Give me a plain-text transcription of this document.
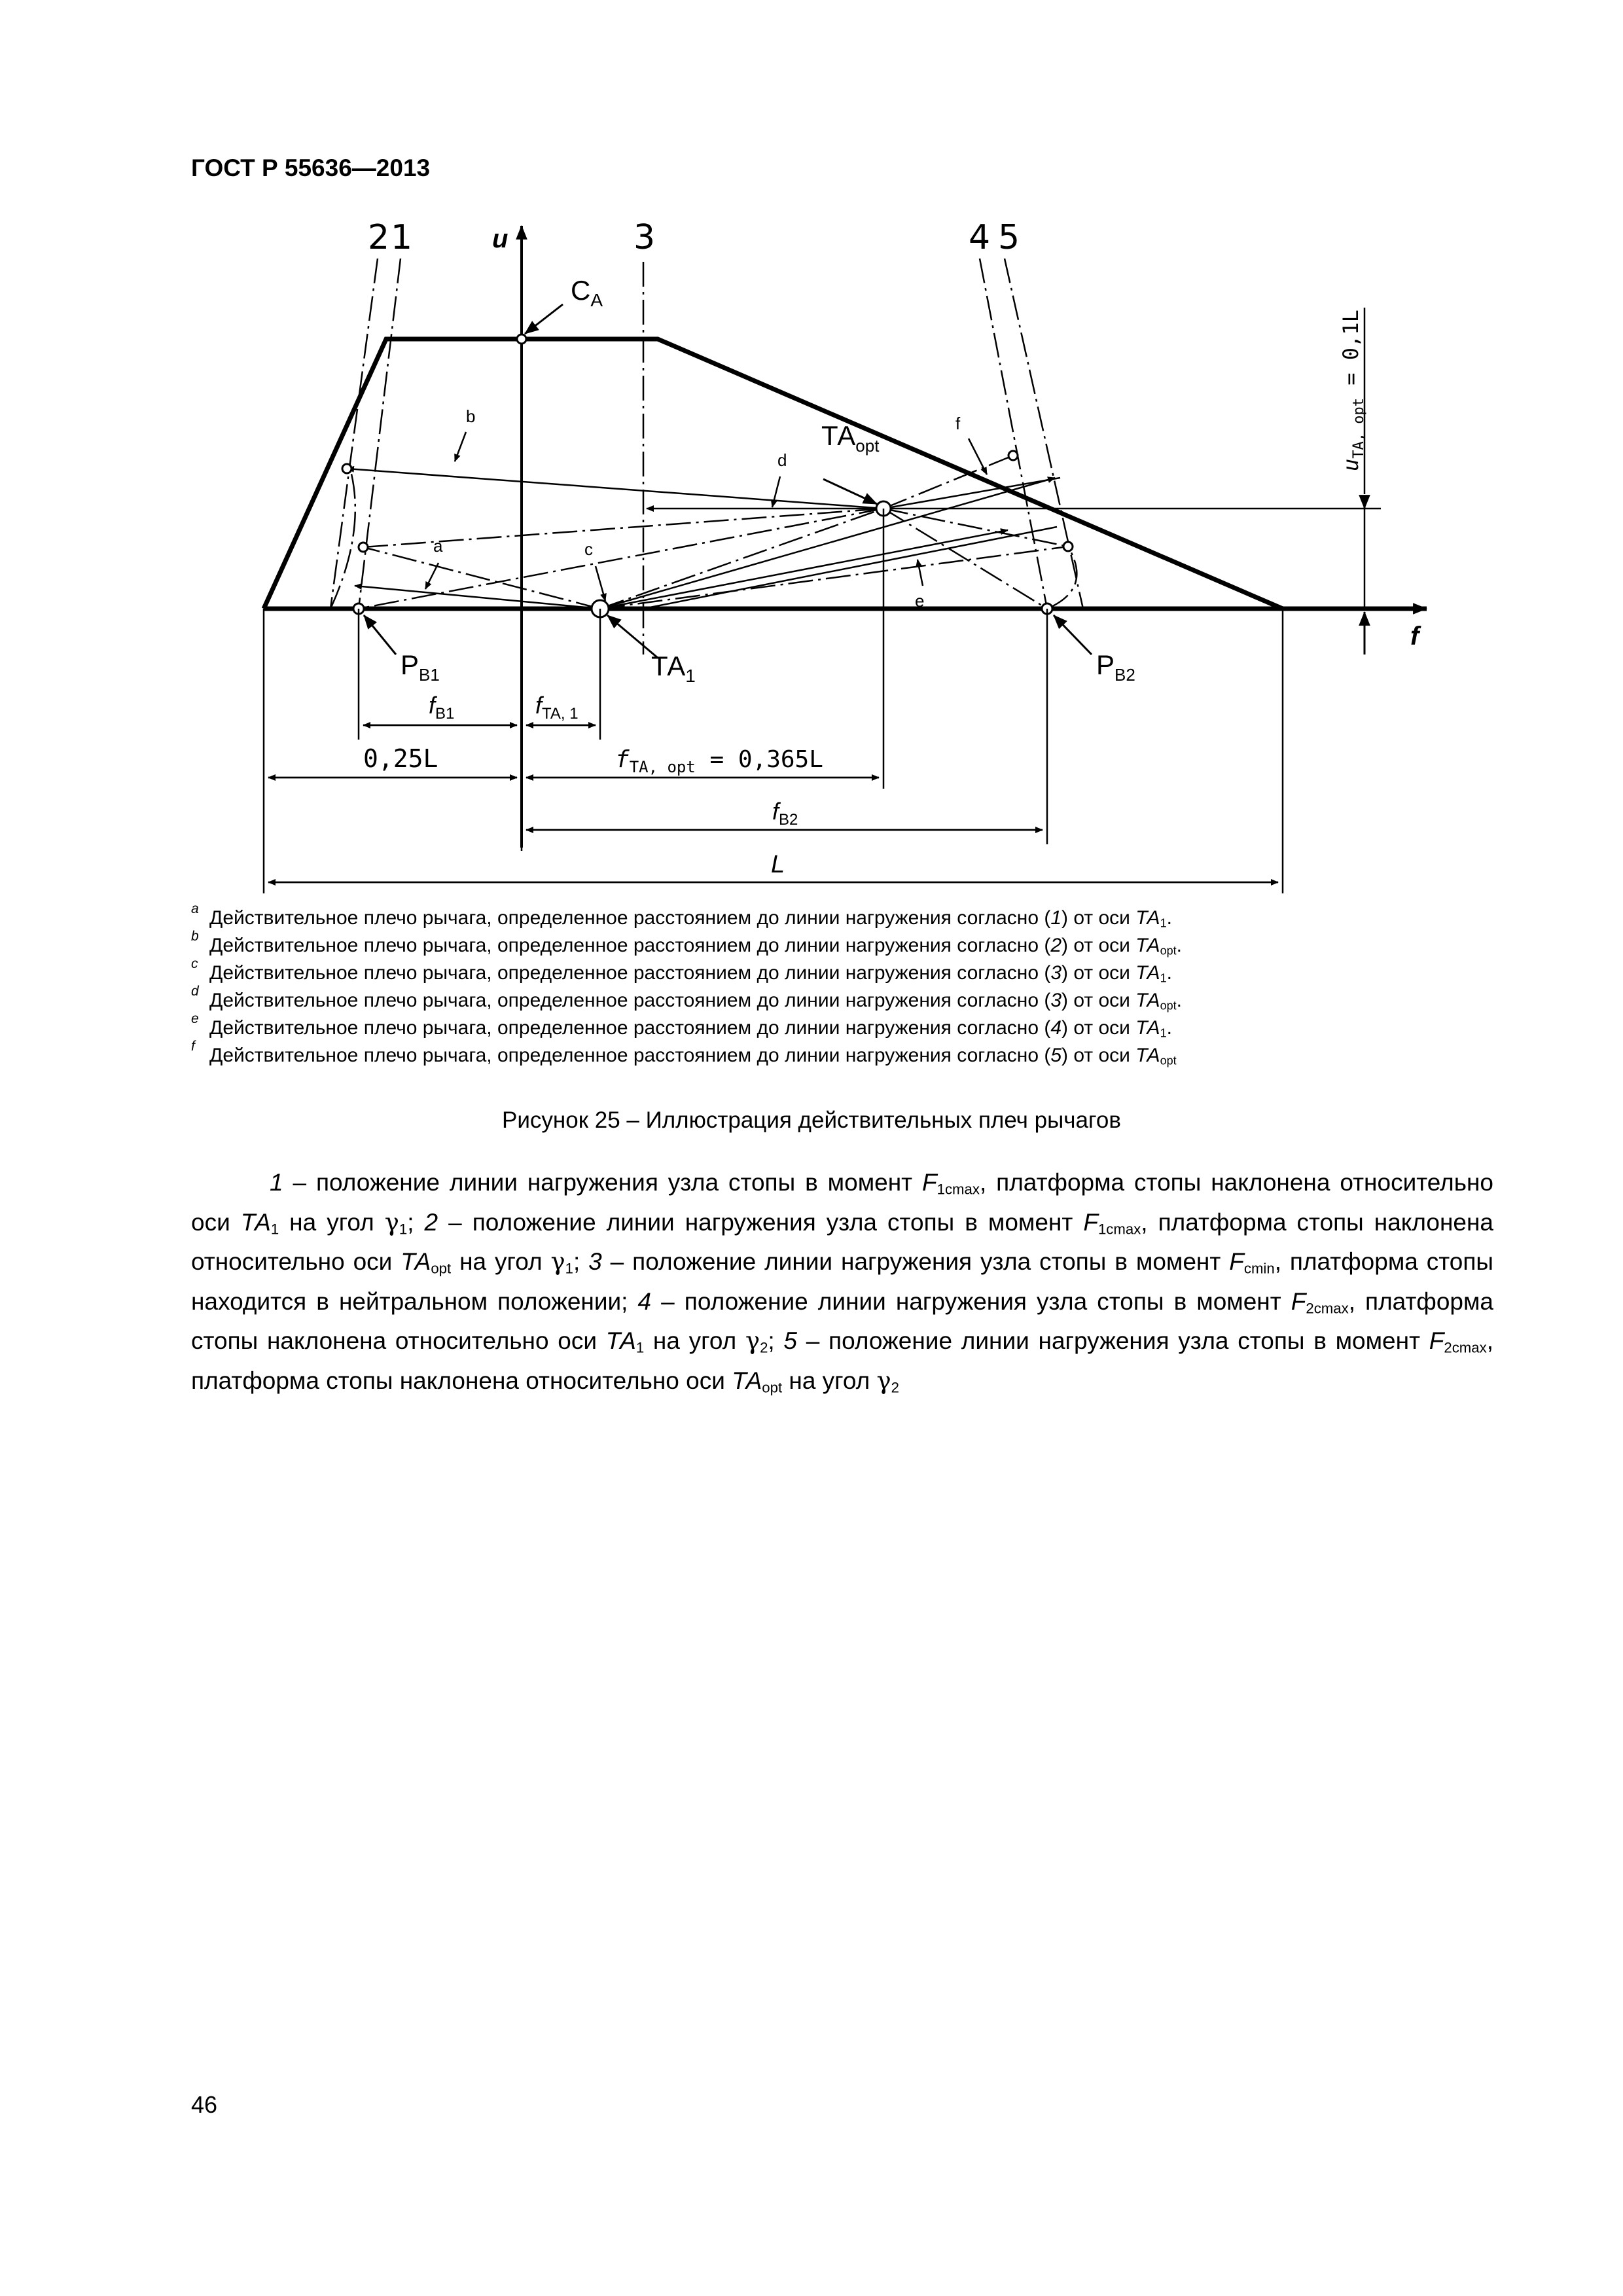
ГОСТ Р 55636—2013
2 1	3	4 5
u
f
$С_А$
$ТА_{opt}$
$ТА_1$
$Р_{В1}$	$Р_{В2}$
b
a	c
d
e
f
$f_{B1}$	$f_{TA, 1}$
0,25L	$f_{TA, opt} = 0,365L$
$f_{B2}$
L
$u_{TA, opt} = 0,1L$
a Действительное плечо рычага, определенное расстоянием до линии нагружения согласно (1) от оси $ТА_1$.
b Действительное плечо рычага, определенное расстоянием до линии нагружения согласно (2) от оси $ТА_{opt}$.
c Действительное плечо рычага, определенное расстоянием до линии нагружения согласно (3) от оси $ТА_1$.
d Действительное плечо рычага, определенное расстоянием до линии нагружения согласно (3) от оси $ТА_{opt}$.
e Действительное плечо рычага, определенное расстоянием до линии нагружения согласно (4) от оси $ТА_1$.
f Действительное плечо рычага, определенное расстоянием до линии нагружения согласно (5) от оси $ТА_{opt}$
Рисунок 25 – Иллюстрация действительных плеч рычагов
1 – положение линии нагружения узла стопы в момент $F_{1cmax}$, платформа стопы наклонена относительно оси $ТА_1$ на угол $\gamma_1$; 2 – положение линии нагружения узла стопы в момент $F_{1cmax}$, платформа стопы наклонена относительно оси $ТА_{opt}$ на угол $\gamma_1$; 3 – положение линии нагружения узла стопы в момент $F_{cmin}$, платформа стопы находится в нейтральном положении; 4 – положение линии нагружения узла стопы в момент $F_{2cmax}$, платформа стопы наклонена относительно оси $ТА_1$ на угол $\gamma_2$; 5 – положение линии нагружения узла стопы в момент $F_{2cmax}$, платформа стопы наклонена относительно оси $ТА_{opt}$ на угол $\gamma_2$
46
